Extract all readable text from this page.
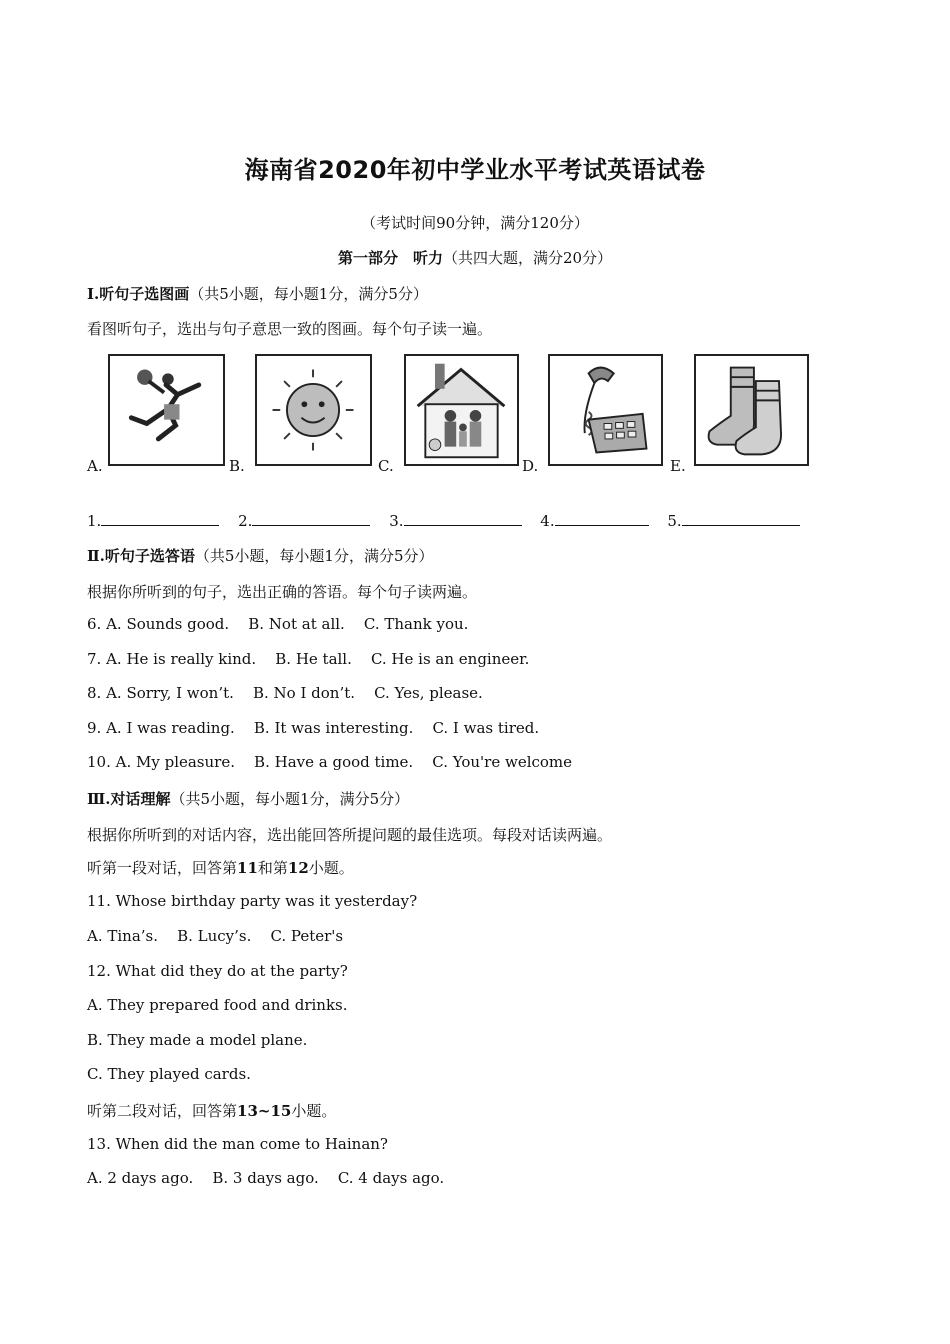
海南省2020年初中学业水平考试英语试卷
（考试时间90分钟，满分120分）
第一部分　听力（共四大题，满分20分）
I.听句子选图画（共5小题，每小题1分，满分5分）
看图听句子，选出与句子意思一致的图画。每个句子读一遍。
A.	B.	C.	D.	E.
1.	2.	3.	4.	5.
Ⅱ.听句子选答语（共5小题，每小题1分，满分5分）
根据你所听到的句子，选出正确的答语。每个句子读两遍。
6. A. Sounds good.    B. Not at all.    C. Thank you.
7. A. He is really kind.    B. He tall.    C. He is an engineer.
8. A. Sorry, I won’t.    B. No I don’t.    C. Yes, please.
9. A. I was reading.    B. It was interesting.    C. I was tired.
10. A. My pleasure.    B. Have a good time.    C. You're welcome
Ⅲ.对话理解（共5小题，每小题1分，满分5分）
根据你所听到的对话内容，选出能回答所提问题的最佳选项。每段对话读两遍。
听第一段对话，回答第11和第12小题。
11. Whose birthday party was it yesterday?
A. Tina’s.    B. Lucy’s.    C. Peter's
12. What did they do at the party?
A. They prepared food and drinks.
B. They made a model plane.
C. They played cards.
听第二段对话，回答第13~15小题。
13. When did the man come to Hainan?
A. 2 days ago.    B. 3 days ago.    C. 4 days ago.
